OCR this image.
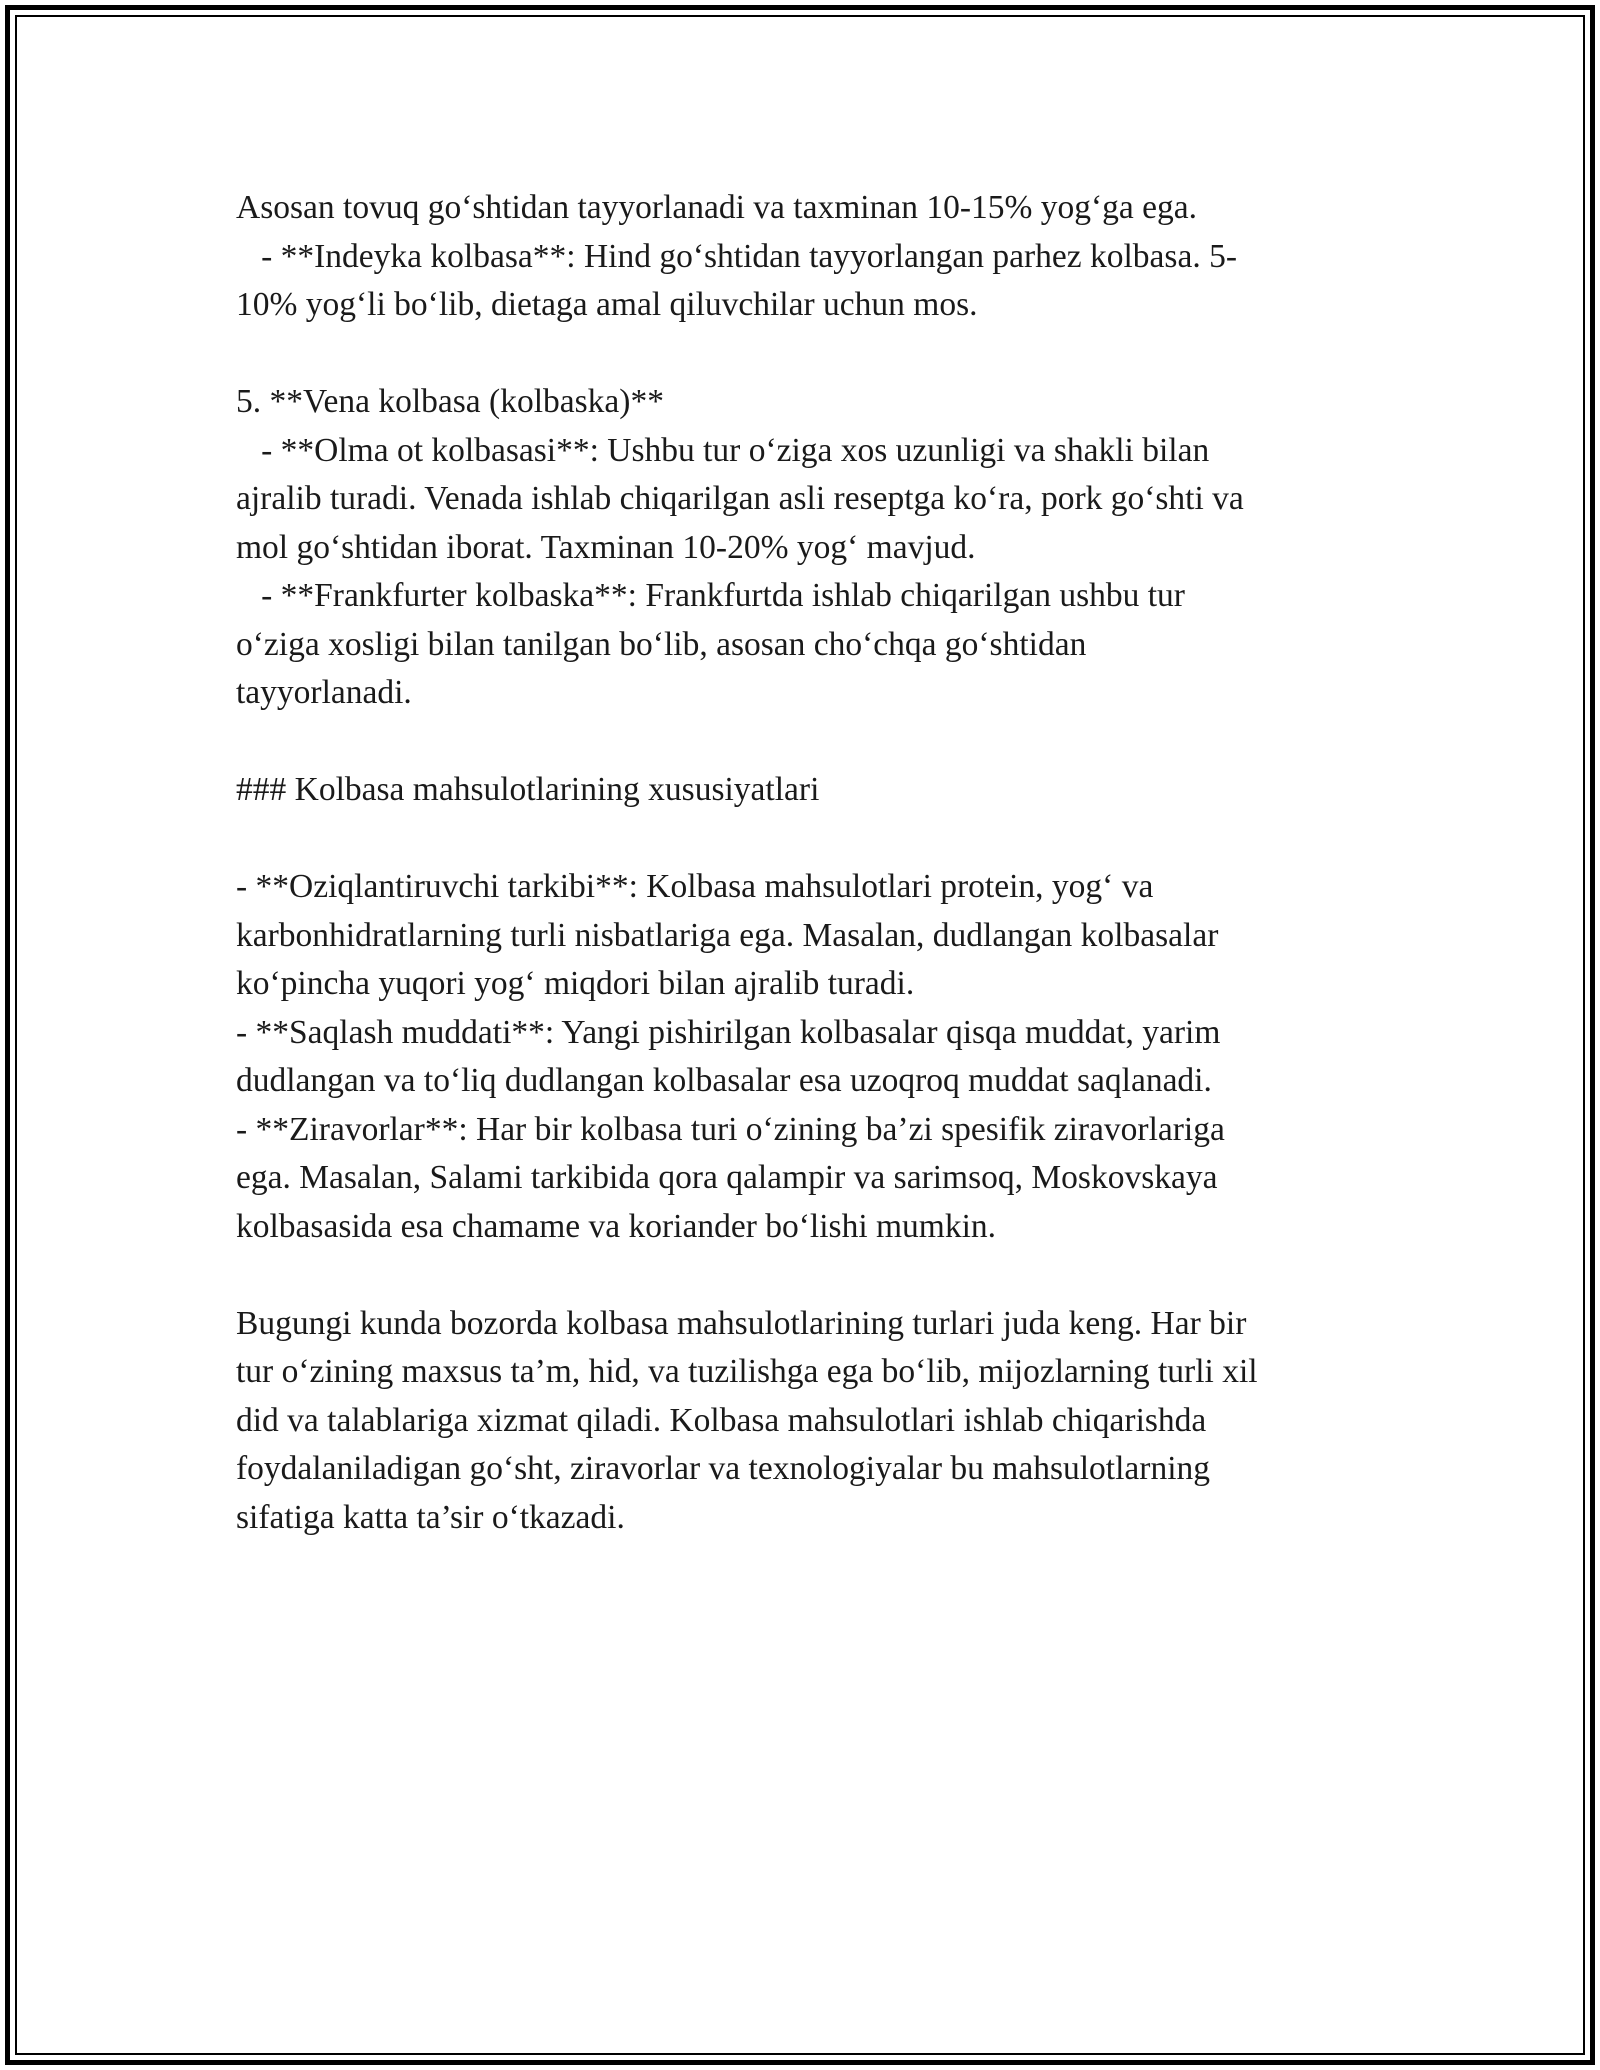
Asosan tovuq go‘shtidan tayyorlanadi va taxminan 10-15% yog‘ga ega.
- **Indeyka kolbasa**: Hind go‘shtidan tayyorlangan parhez kolbasa. 5-
10% yog‘li bo‘lib, dietaga amal qiluvchilar uchun mos.
5. **Vena kolbasa (kolbaska)**
- **Olma ot kolbasasi**: Ushbu tur o‘ziga xos uzunligi va shakli bilan
ajralib turadi. Venada ishlab chiqarilgan asli reseptga ko‘ra, pork go‘shti va
mol go‘shtidan iborat. Taxminan 10-20% yog‘ mavjud.
- **Frankfurter kolbaska**: Frankfurtda ishlab chiqarilgan ushbu tur
o‘ziga xosligi bilan tanilgan bo‘lib, asosan cho‘chqa go‘shtidan
tayyorlanadi.
### Kolbasa mahsulotlarining xususiyatlari
- **Oziqlantiruvchi tarkibi**: Kolbasa mahsulotlari protein, yog‘ va
karbonhidratlarning turli nisbatlariga ega. Masalan, dudlangan kolbasalar
ko‘pincha yuqori yog‘ miqdori bilan ajralib turadi.
- **Saqlash muddati**: Yangi pishirilgan kolbasalar qisqa muddat, yarim
dudlangan va to‘liq dudlangan kolbasalar esa uzoqroq muddat saqlanadi.
- **Ziravorlar**: Har bir kolbasa turi o‘zining ba’zi spesifik ziravorlariga
ega. Masalan, Salami tarkibida qora qalampir va sarimsoq, Moskovskaya
kolbasasida esa chamame va koriander bo‘lishi mumkin.
Bugungi kunda bozorda kolbasa mahsulotlarining turlari juda keng. Har bir
tur o‘zining maxsus ta’m, hid, va tuzilishga ega bo‘lib, mijozlarning turli xil
did va talablariga xizmat qiladi. Kolbasa mahsulotlari ishlab chiqarishda
foydalaniladigan go‘sht, ziravorlar va texnologiyalar bu mahsulotlarning
sifatiga katta ta’sir o‘tkazadi.
